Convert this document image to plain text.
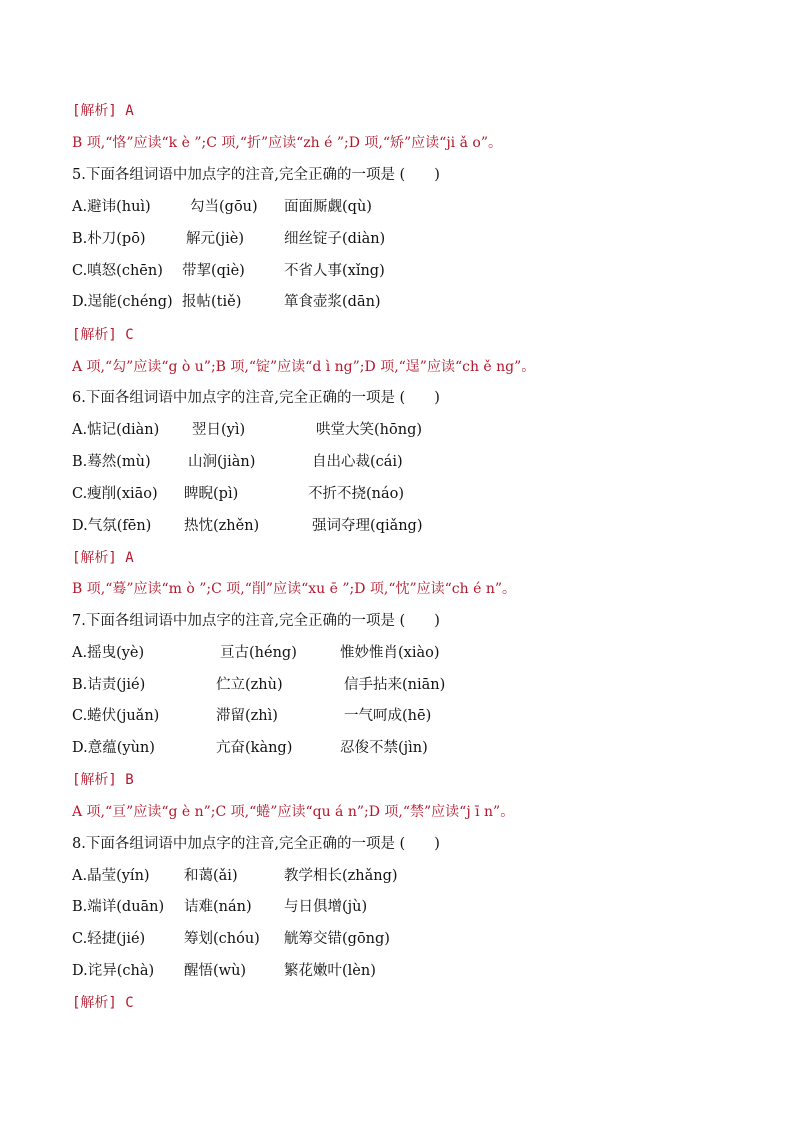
[解析] A
B 项,“恪”应读“k è ”;C 项,“折”应读“zh é ”;D 项,“矫”应读“ji ǎ o”。
5.下面各组词语中加点字的注音,完全正确的一项是 (　　)
A.避讳(huì)	勾当(gōu) 面面厮觑(qù)
B.朴刀(pō)	解元(jiè)	细丝锭子(diàn)
C.嗔怒(chēn) 带挈(qiè)	不省人事(xǐng)
D.逞能(chéng) 报帖(tiě)	箪食壶浆(dān)
[解析] C
A 项,“勾”应读“g ò u”;B 项,“锭”应读“d ì ng”;D 项,“逞”应读“ch ě ng”。
6.下面各组词语中加点字的注音,完全正确的一项是 (　　)
A.惦记(diàn) 翌日(yì)	哄堂大笑(hōng)
B.蓦然(mù)	山涧(jiàn)	自出心裁(cái)
C.瘦削(xiāo) 睥睨(pì)	不折不挠(náo)
D.气氛(fēn) 热忱(zhěn)	强词夺理(qiǎng)
[解析] A
B 项,“蓦”应读“m ò ”;C 项,“削”应读“xu ē ”;D 项,“忱”应读“ch é n”。
7.下面各组词语中加点字的注音,完全正确的一项是 (　　)
A.摇曳(yè)	亘古(héng)	惟妙惟肖(xiào)
B.诘责(jié)	伫立(zhù)	信手拈来(niān)
C.蜷伏(juǎn)	滞留(zhì)	一气呵成(hē)
D.意蕴(yùn)	亢奋(kàng)	忍俊不禁(jìn)
[解析] B
A 项,“亘”应读“g è n”;C 项,“蜷”应读“qu á n”;D 项,“禁”应读“j ī n”。
8.下面各组词语中加点字的注音,完全正确的一项是 (　　)
A.晶莹(yín) 和蔼(ǎi)	教学相长(zhǎng)
B.端详(duān) 诘难(nán) 与日俱增(jù)
C.轻捷(jié)	筹划(chóu) 觥筹交错(gōng)
D.诧异(chà) 醒悟(wù)	繁花嫩叶(lèn)
[解析] C
